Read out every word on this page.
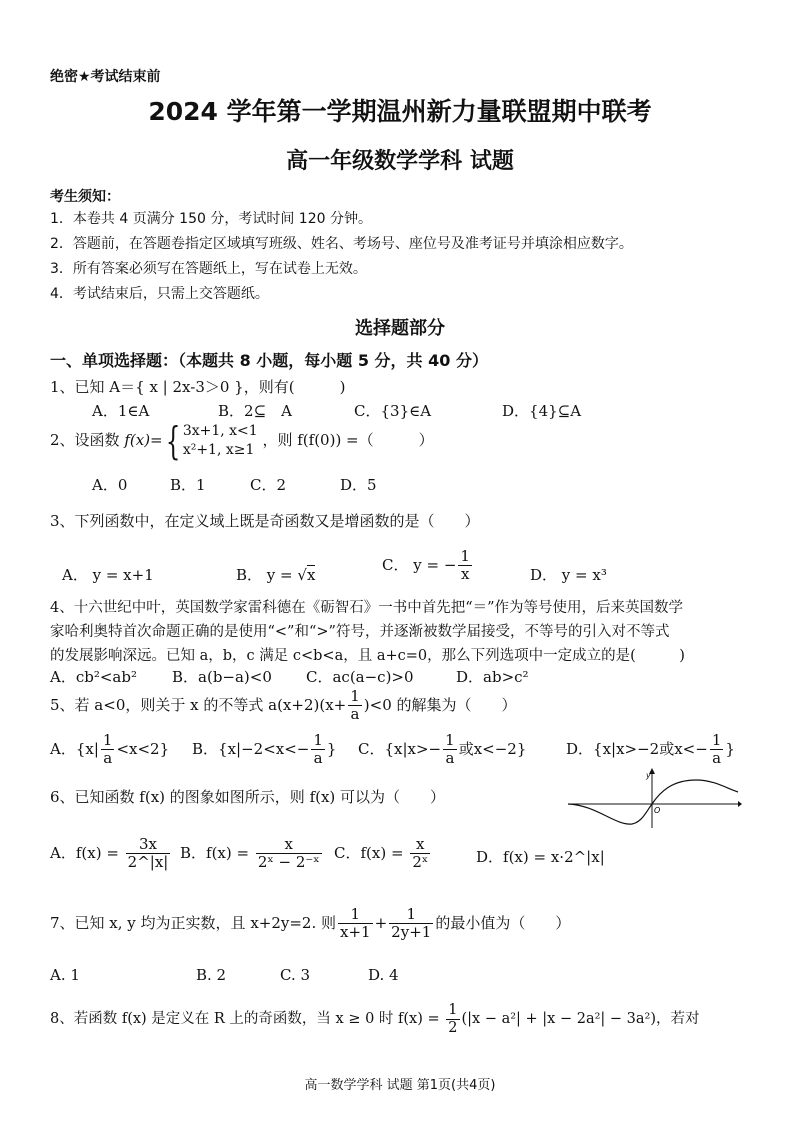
绝密★考试结束前
2024 学年第一学期温州新力量联盟期中联考
高一年级数学学科 试题
考生须知：
1．本卷共 4 页满分 150 分，考试时间 120 分钟。
2．答题前，在答题卷指定区域填写班级、姓名、考场号、座位号及准考证号并填涂相应数字。
3．所有答案必须写在答题纸上，写在试卷上无效。
4．考试结束后，只需上交答题纸。
选择题部分
一、单项选择题：（本题共 8 小题，每小题 5 分，共 40 分）
1、已知 A＝{ x | 2x-3＞0 }，则有(　　　)
A．1∈A	B．2⊆　A	C．{3}∈A	D．{4}⊆A
2、设函数 f(x)={ 3x+1, x<1
x²+1, x≥1
，则 f(f(0)) =（　　　）
A．0	B．1	C．2	D．5
3、下列函数中，在定义域上既是奇函数又是增函数的是（　　）
A． y = x+1	B． y = √x
C． y = − $\frac{1}{x}$	D． y = x³
4、十六世纪中叶，英国数学家雷科德在《砺智石》一书中首先把“＝”作为等号使用，后来英国数学
家哈利奥特首次命题正确的是使用“<”和“>”符号，并逐渐被数学届接受，不等号的引入对不等式
的发展影响深远。已知 a，b，c 满足 c<b<a，且 a+c=0，那么下列选项中一定成立的是(　　　)
A．cb²<ab² B．a(b−a)<0 C．ac(a−c)>0	D．ab>c²
5、若 a<0，则关于 x 的不等式 $a(x+2)(x+ \frac{1}{a} )<0$ 的解集为（　　）
A．$\{x| \frac{1}{a} <x<2\}$ B．{$x|-2<x<- \frac{1}{a}$ } C．{$x|x>- \frac{1}{a}$ 或x<−2}	D．{x|x>−2或$x<- \frac{1}{a}$ }
6、已知函数 f(x) 的图象如图所示，则 f(x) 可以为（　　）
y
O
A．$f(x) = \frac{3x}{2\^{}|x|}$ B．$f(x) = \frac{x}{\text{2ˣ − 2⁻ˣ}}$ C．$f(x) = \frac{x}{\text{2ˣ}}$	D．f(x) = x·2^|x|
7、已知 x, y 均为正实数，且 x+2y=2. 则 $\frac{1}{x+1} + \frac{1}{2y+1}$ 的最小值为（　　）
A. 1	B. 2	C. 3	D. 4
8、若函数 f(x) 是定义在 R 上的奇函数，当 x ≥ 0 时 $f(x) = \frac{1}{2} (|x - a^2| + |x - 2a^2| - 3a^2)$，若对
高一数学学科 试题 第1页(共4页)
